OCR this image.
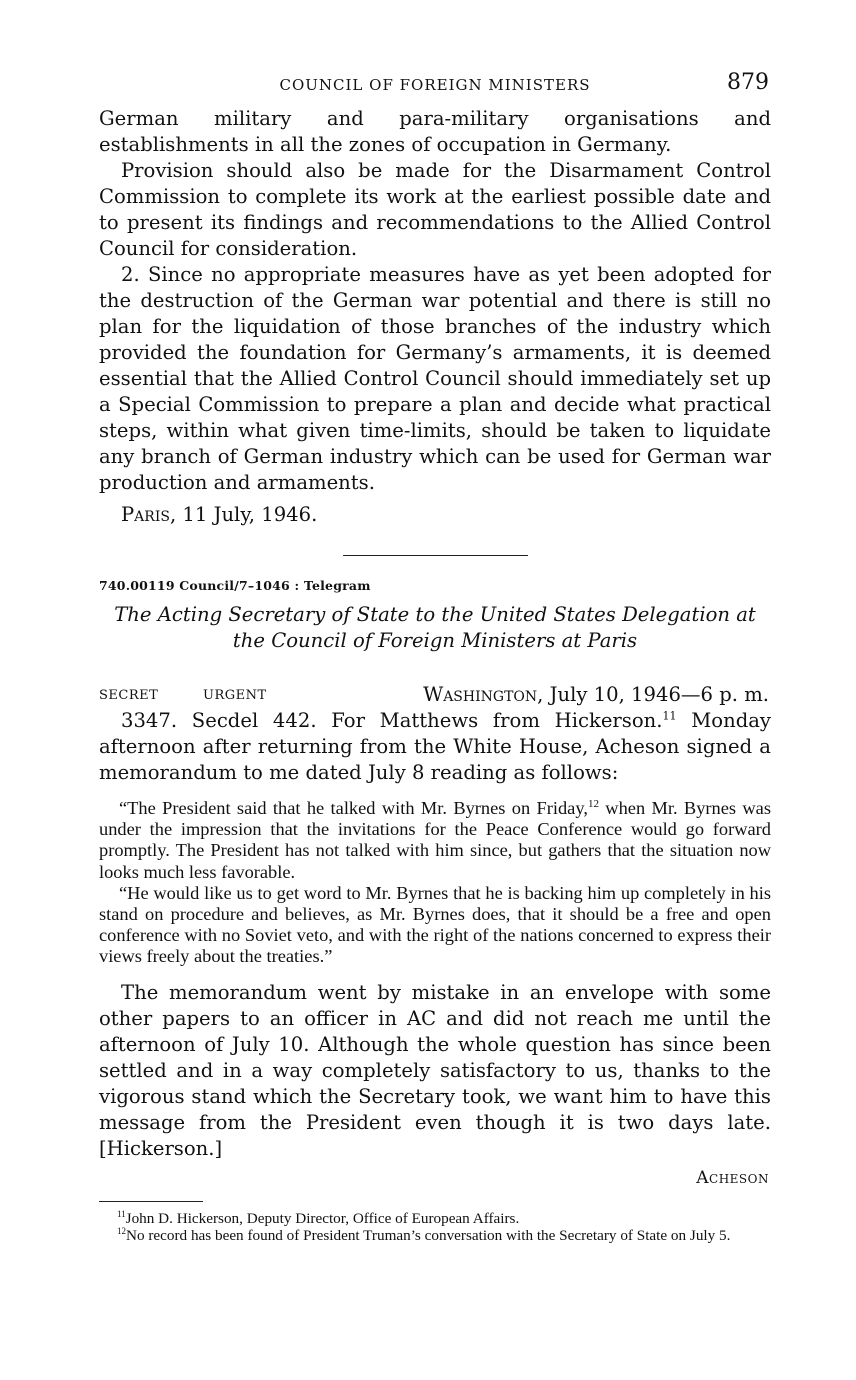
COUNCIL OF FOREIGN MINISTERS	879

German military and para-military organisations and establishments in all the zones of occupation in Germany.

Provision should also be made for the Disarmament Control Commission to complete its work at the earliest possible date and to present its findings and recommendations to the Allied Control Council for consideration.

2. Since no appropriate measures have as yet been adopted for the destruction of the German war potential and there is still no plan for the liquidation of those branches of the industry which provided the foundation for Germany’s armaments, it is deemed essential that the Allied Control Council should immediately set up a Special Commission to prepare a plan and decide what practical steps, within what given time-limits, should be taken to liquidate any branch of German industry which can be used for German war production and armaments.

Paris, 11 July, 1946.

740.00119 Council/7–1046 : Telegram

The Acting Secretary of State to the United States Delegation at the Council of Foreign Ministers at Paris

SECRET	URGENT	Washington, July 10, 1946—6 p. m.

3347. Secdel 442. For Matthews from Hickerson.$^{11}$ Monday afternoon after returning from the White House, Acheson signed a memorandum to me dated July 8 reading as follows:

“The President said that he talked with Mr. Byrnes on Friday,$^{12}$ when Mr. Byrnes was under the impression that the invitations for the Peace Conference would go forward promptly. The President has not talked with him since, but gathers that the situation now looks much less favorable.

“He would like us to get word to Mr. Byrnes that he is backing him up completely in his stand on procedure and believes, as Mr. Byrnes does, that it should be a free and open conference with no Soviet veto, and with the right of the nations concerned to express their views freely about the treaties.”

The memorandum went by mistake in an envelope with some other papers to an officer in AC and did not reach me until the afternoon of July 10. Although the whole question has since been settled and in a way completely satisfactory to us, thanks to the vigorous stand which the Secretary took, we want him to have this message from the President even though it is two days late. [Hickerson.]

Acheson

$^{11}$John D. Hickerson, Deputy Director, Office of European Affairs.

$^{12}$No record has been found of President Truman’s conversation with the Secretary of State on July 5.
